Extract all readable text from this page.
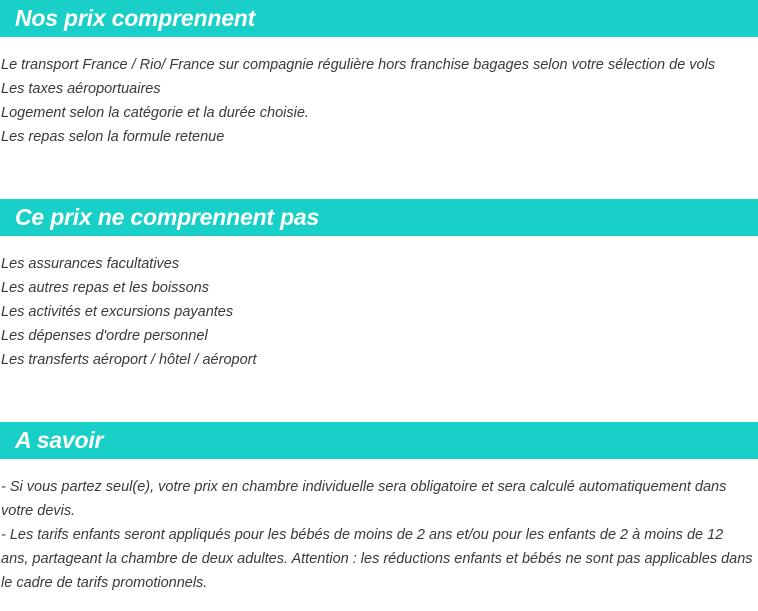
Nos prix comprennent
Le transport France / Rio/ France sur compagnie régulière hors franchise bagages selon votre sélection de vols
Les taxes aéroportuaires
Logement selon la catégorie et la durée choisie.
Les repas selon la formule retenue
Ce prix ne comprennent pas
Les assurances facultatives
Les autres repas et les boissons
Les activités et excursions payantes
Les dépenses d'ordre personnel
Les transferts aéroport / hôtel / aéroport
A savoir

- Si vous partez seul(e), votre prix en chambre individuelle sera obligatoire et sera calculé automatiquement dans votre devis.

- Les tarifs enfants seront appliqués pour les bébés de moins de 2 ans et/ou pour les enfants de 2 à moins de 12 ans, partageant la chambre de deux adultes. Attention : les réductions enfants et bébés ne sont pas applicables dans le cadre de tarifs promotionnels.
